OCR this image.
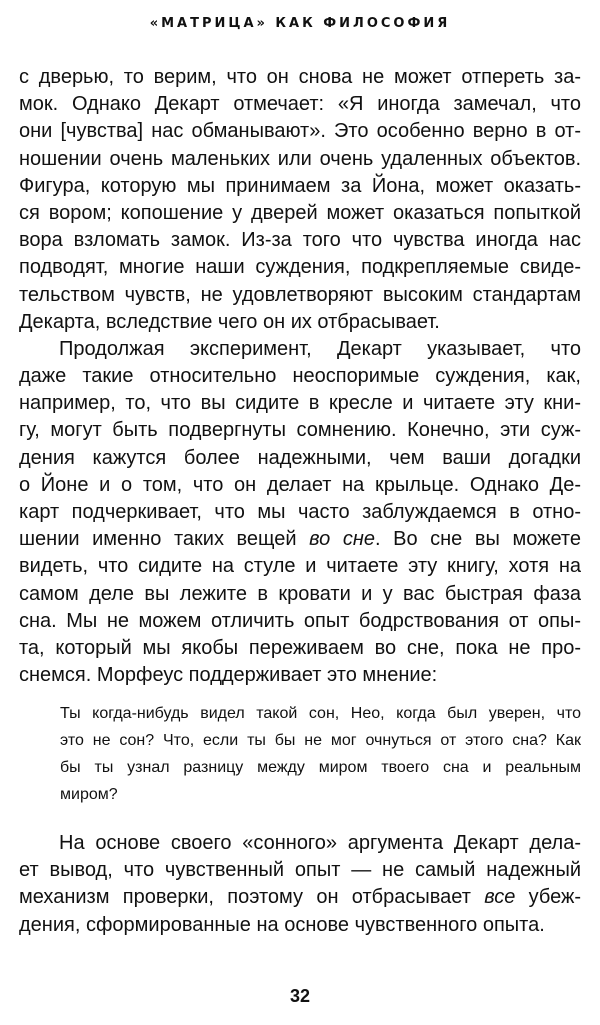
«МАТРИЦА» КАК ФИЛОСОФИЯ
с дверью, то верим, что он снова не может отпереть за-
мок. Однако Декарт отмечает: «Я иногда замечал, что
они [чувства] нас обманывают». Это особенно верно в от-
ношении очень маленьких или очень удаленных объектов.
Фигура, которую мы принимаем за Йона, может оказать-
ся вором; копошение у дверей может оказаться попыткой
вора взломать замок. Из-за того что чувства иногда нас
подводят, многие наши суждения, подкрепляемые свиде-
тельством чувств, не удовлетворяют высоким стандартам
Декарта, вследствие чего он их отбрасывает.
Продолжая эксперимент, Декарт указывает, что
даже такие относительно неоспоримые суждения, как,
например, то, что вы сидите в кресле и читаете эту кни-
гу, могут быть подвергнуты сомнению. Конечно, эти суж-
дения кажутся более надежными, чем ваши догадки
о Йоне и о том, что он делает на крыльце. Однако Де-
карт подчеркивает, что мы часто заблуждаемся в отно-
шении именно таких вещей во сне. Во сне вы можете
видеть, что сидите на стуле и читаете эту книгу, хотя на
самом деле вы лежите в кровати и у вас быстрая фаза
сна. Мы не можем отличить опыт бодрствования от опы-
та, который мы якобы переживаем во сне, пока не про-
снемся. Морфеус поддерживает это мнение:
Ты когда-нибудь видел такой сон, Нео, когда был уверен, что
это не сон? Что, если ты бы не мог очнуться от этого сна? Как
бы ты узнал разницу между миром твоего сна и реальным
миром?
На основе своего «сонного» аргумента Декарт дела-
ет вывод, что чувственный опыт — не самый надежный
механизм проверки, поэтому он отбрасывает все убеж-
дения, сформированные на основе чувственного опыта.
32
